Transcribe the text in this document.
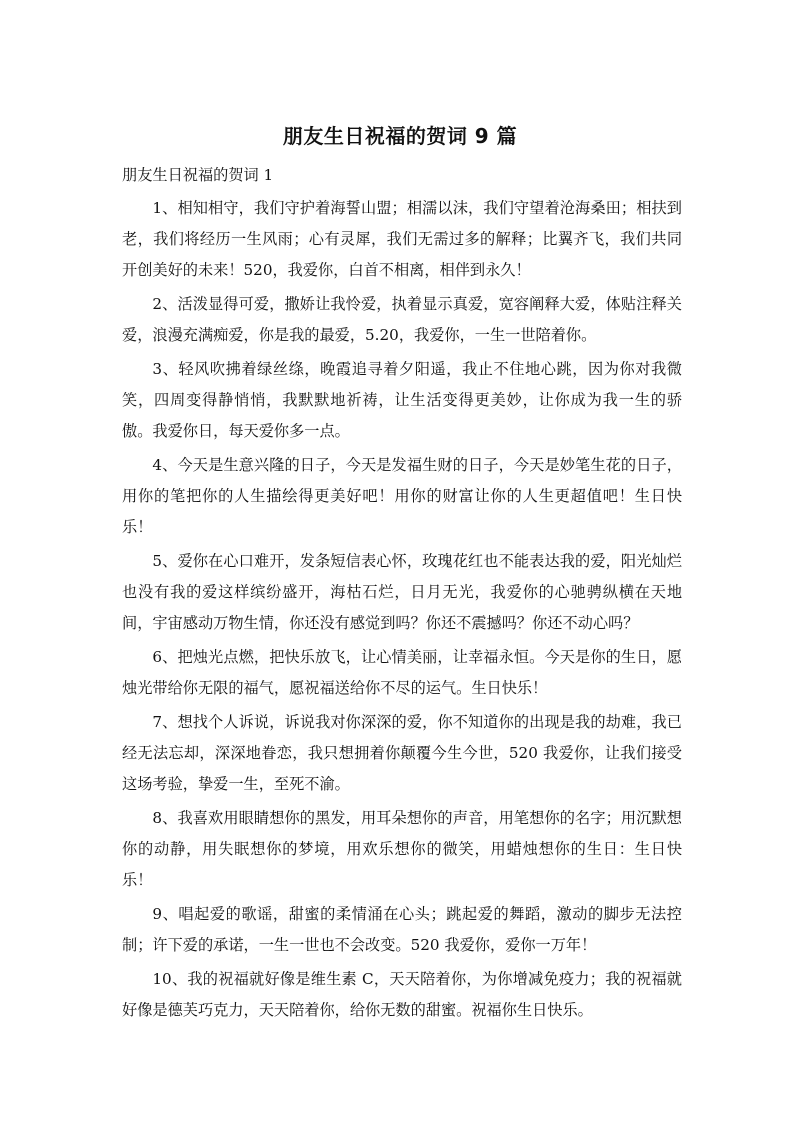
朋友生日祝福的贺词 9 篇
朋友生日祝福的贺词 1

1、相知相守，我们守护着海誓山盟；相濡以沫，我们守望着沧海桑田；相扶到老，我们将经历一生风雨；心有灵犀，我们无需过多的解释；比翼齐飞，我们共同开创美好的未来！520，我爱你，白首不相离，相伴到永久！

2、活泼显得可爱，撒娇让我怜爱，执着显示真爱，宽容阐释大爱，体贴注释关爱，浪漫充满痴爱，你是我的最爱，5.20，我爱你，一生一世陪着你。

3、轻风吹拂着绿丝绦，晚霞追寻着夕阳遥，我止不住地心跳，因为你对我微笑，四周变得静悄悄，我默默地祈祷，让生活变得更美妙，让你成为我一生的骄傲。我爱你日，每天爱你多一点。

4、今天是生意兴隆的日子，今天是发福生财的日子，今天是妙笔生花的日子，用你的笔把你的人生描绘得更美好吧！用你的财富让你的人生更超值吧！生日快乐！

5、爱你在心口难开，发条短信表心怀，玫瑰花红也不能表达我的爱，阳光灿烂也没有我的爱这样缤纷盛开，海枯石烂，日月无光，我爱你的心驰骋纵横在天地间，宇宙感动万物生情，你还没有感觉到吗？你还不震撼吗？你还不动心吗？

6、把烛光点燃，把快乐放飞，让心情美丽，让幸福永恒。今天是你的生日，愿烛光带给你无限的福气，愿祝福送给你不尽的运气。生日快乐！

7、想找个人诉说，诉说我对你深深的爱，你不知道你的出现是我的劫难，我已经无法忘却，深深地眷恋，我只想拥着你颠覆今生今世，520 我爱你，让我们接受这场考验，挚爱一生，至死不渝。

8、我喜欢用眼睛想你的黑发，用耳朵想你的声音，用笔想你的名字；用沉默想你的动静，用失眠想你的梦境，用欢乐想你的微笑，用蜡烛想你的生日：生日快乐！

9、唱起爱的歌谣，甜蜜的柔情涌在心头；跳起爱的舞蹈，激动的脚步无法控制；许下爱的承诺，一生一世也不会改变。520 我爱你，爱你一万年！

10、我的祝福就好像是维生素 C，天天陪着你，为你增减免疫力；我的祝福就好像是德芙巧克力，天天陪着你，给你无数的甜蜜。祝福你生日快乐。
